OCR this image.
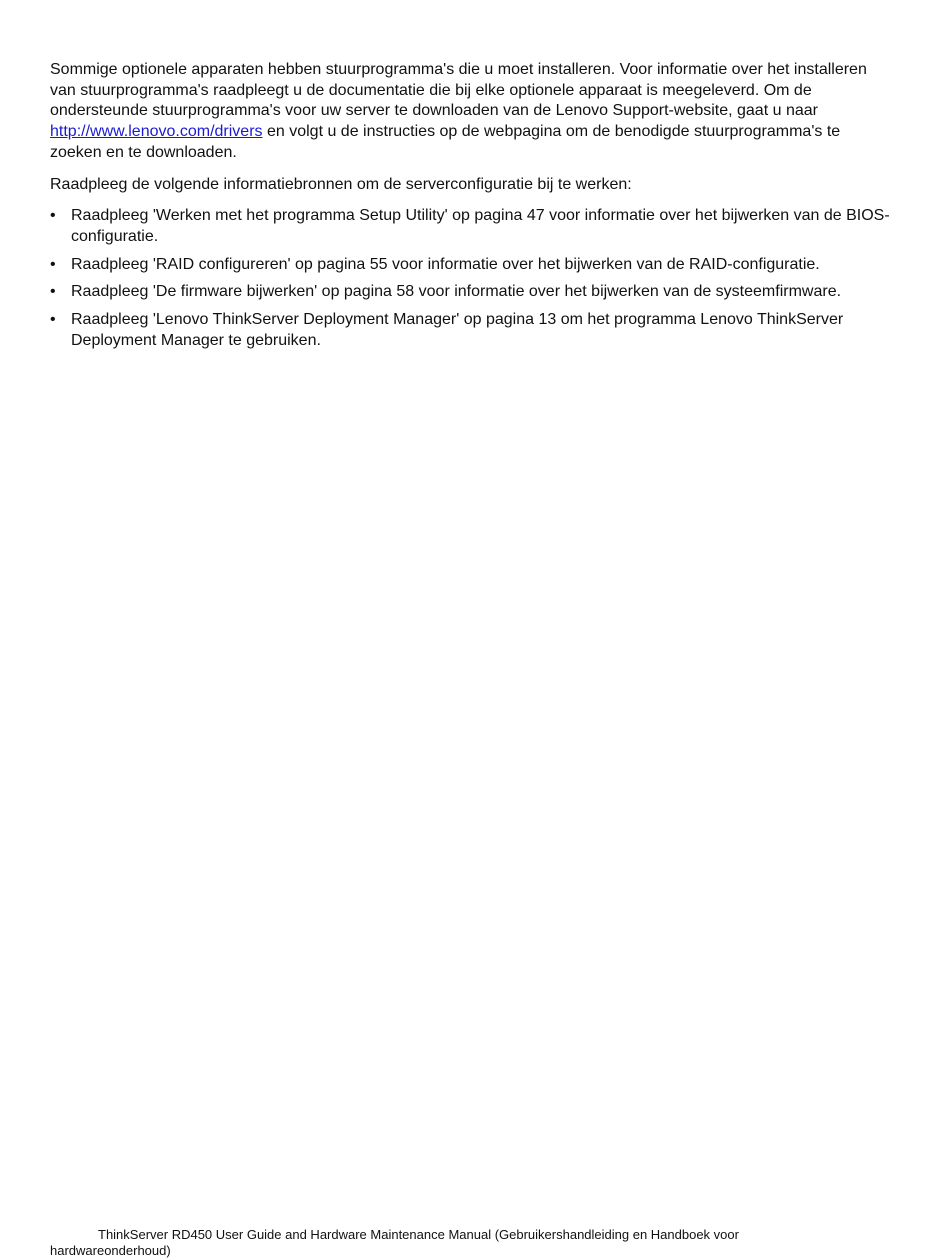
Sommige optionele apparaten hebben stuurprogramma's die u moet installeren. Voor informatie over het installeren van stuurprogramma's raadpleegt u de documentatie die bij elke optionele apparaat is meegeleverd. Om de ondersteunde stuurprogramma's voor uw server te downloaden van de Lenovo Support-website, gaat u naar http://www.lenovo.com/drivers en volgt u de instructies op de webpagina om de benodigde stuurprogramma's te zoeken en te downloaden.

Raadpleeg de volgende informatiebronnen om de serverconfiguratie bij te werken:

• Raadpleeg 'Werken met het programma Setup Utility' op pagina 47 voor informatie over het bijwerken van de BIOS-configuratie.
• Raadpleeg 'RAID configureren' op pagina 55 voor informatie over het bijwerken van de RAID-configuratie.
• Raadpleeg 'De firmware bijwerken' op pagina 58 voor informatie over het bijwerken van de systeemfirmware.
• Raadpleeg 'Lenovo ThinkServer Deployment Manager' op pagina 13 om het programma Lenovo ThinkServer Deployment Manager te gebruiken.
ThinkServer RD450 User Guide and Hardware Maintenance Manual (Gebruikershandleiding en Handboek voor hardwareonderhoud)
